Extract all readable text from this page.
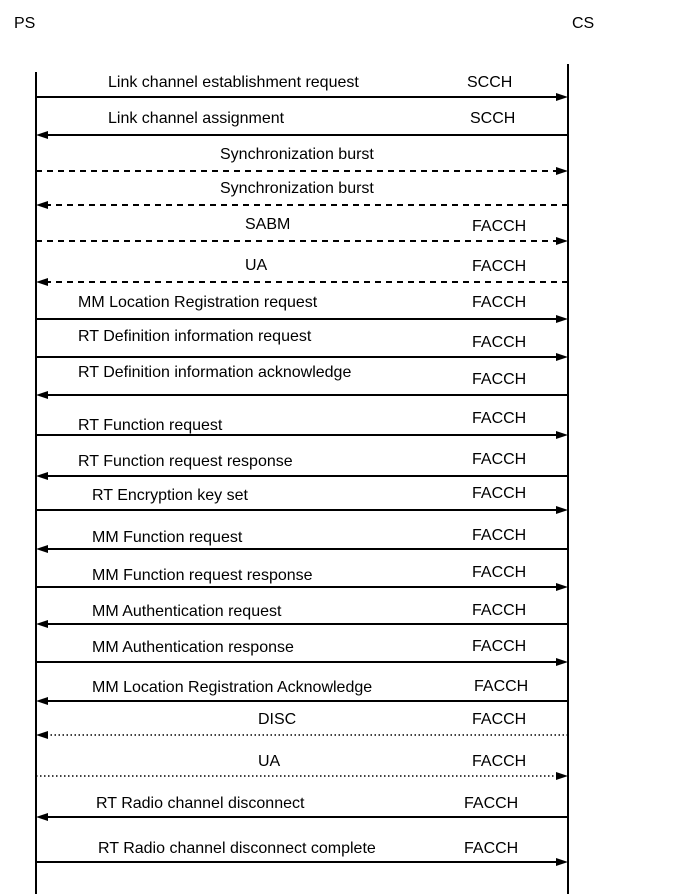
PS	CS
Link channel establishment request	SCCH
Link channel assignment	SCCH
Synchronization burst
Synchronization burst
SABM	FACCH
UA	FACCH
MM Location Registration request	FACCH
RT Definition information request	FACCH
RT Definition information acknowledge	FACCH
RT Function request	FACCH
RT Function request response	FACCH
RT Encryption key set	FACCH
MM Function request	FACCH
MM Function request response	FACCH
MM Authentication request	FACCH
MM Authentication response	FACCH
MM Location Registration Acknowledge	FACCH
DISC	FACCH
UA	FACCH
RT Radio channel disconnect	FACCH
RT Radio channel disconnect complete	FACCH
